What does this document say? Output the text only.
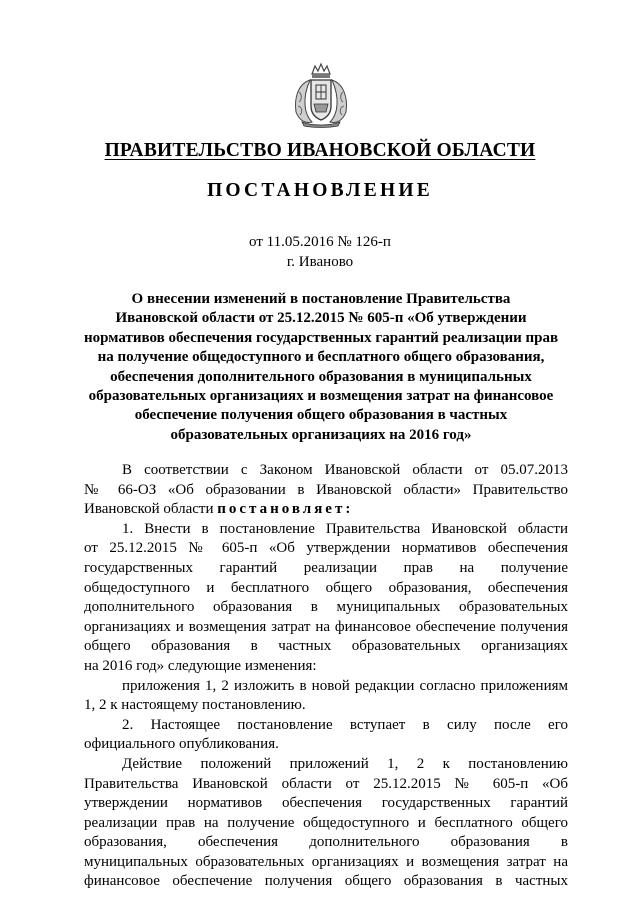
ПРАВИТЕЛЬСТВО ИВАНОВСКОЙ ОБЛАСТИ
ПОСТАНОВЛЕНИЕ
от 11.05.2016 № 126-п
г. Иваново
О внесении изменений в постановление Правительства
Ивановской области от 25.12.2015 № 605-п «Об утверждении
нормативов обеспечения государственных гарантий реализации прав
на получение общедоступного и бесплатного общего образования,
обеспечения дополнительного образования в муниципальных
образовательных организациях и возмещения затрат на финансовое
обеспечение получения общего образования в частных
образовательных организациях на 2016 год»
В соответствии с Законом Ивановской области от 05.07.2013
№ 66-ОЗ «Об образовании в Ивановской области» Правительство
Ивановской области постановляет:
1. Внести в постановление Правительства Ивановской области
от 25.12.2015 № 605-п «Об утверждении нормативов обеспечения
государственных гарантий реализации прав на получение
общедоступного и бесплатного общего образования, обеспечения
дополнительного образования в муниципальных образовательных
организациях и возмещения затрат на финансовое обеспечение получения
общего образования в частных образовательных организациях
на 2016 год» следующие изменения:
приложения 1, 2 изложить в новой редакции согласно приложениям
1, 2 к настоящему постановлению.
2. Настоящее постановление вступает в силу после его
официального опубликования.
Действие положений приложений 1, 2 к постановлению
Правительства Ивановской области от 25.12.2015 № 605-п «Об
утверждении нормативов обеспечения государственных гарантий
реализации прав на получение общедоступного и бесплатного общего
образования, обеспечения дополнительного образования в
муниципальных образовательных организациях и возмещения затрат на
финансовое обеспечение получения общего образования в частных
